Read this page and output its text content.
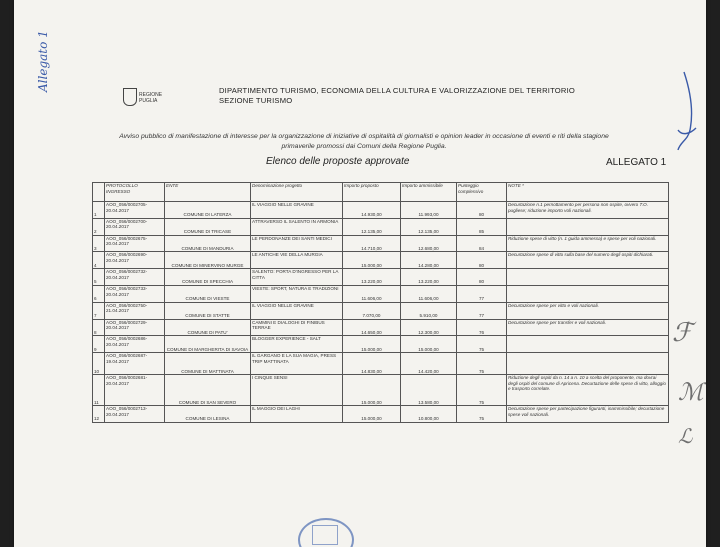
Allegato 1
REGIONE PUGLIA
DIPARTIMENTO TURISMO, ECONOMIA DELLA CULTURA E VALORIZZAZIONE DEL TERRITORIO
SEZIONE TURISMO
Avviso pubblico di manifestazione di interesse per la organizzazione di iniziative di ospitalità di giornalisti e opinion leader in occasione di eventi e riti della stagione
primaverile promossi dai Comuni della Regione Puglia.
Elenco delle proposte approvate	ALLEGATO 1
	PROTOCOLLO INGRESSO	ENTE	Denominazione progetto	Importo proposto	Importo ammissibile	Punteggio complessivo	NOTE *
1	AOO_056/0002705-
20.04.2017	COMUNE DI LATERZA	IL VIAGGIO NELLE GRAVINE	14.930,00	11.993,00	80	Decurtazione n.1 pernottamento per persona non ospite, ovvero T.O. pugliese; riduzione importo voli nazionali.
2	AOO_056/0002700-
20.04.2017	COMUNE DI TRICASE	ATTRAVERSO IL SALENTO IN ARMONIA	12.135,00	12.135,00	85	
3	AOO_056/0002675-
20.04.2017	COMUNE DI MANDURIA	LE PERDONANZE DEI SANTI MEDICI	14.710,00	12.680,00	84	Riduzione spese di vitto (n. 1 guida ammessa) e spese per voli nazionali.
4	AOO_056/0002690-
20.04.2017	COMUNE DI MINERVINO MURGE	LE ANTICHE VIE DELLA MURGIA	15.000,00	14.280,00	80	Decurtazione spese di vitto sulla base del numero degli ospiti dichiarati.
5	AOO_056/0002732-
20.04.2017	COMUNE DI SPECCHIA	SALENTO: PORTA D'INGRESSO PER LA CITTA	13.220,00	13.220,00	80	
6	AOO_056/0002733-
20.04.2017	COMUNE DI VIESTE	VIESTE: SPORT, NATURA E TRADIZIONI	11.606,00	11.606,00	77	
7	AOO_056/0002750-
21.04.2017	COMUNE DI STATTE	IL VIAGGIO NELLE GRAVINE	7.070,00	5.910,00	77	Decurtazione spese per vitto e voli nazionali.
8	AOO_056/0002729-
20.04.2017	COMUNE DI PATU'	CAMMINI E DIALOGHI DI FINIBUS TERRAE	14.650,00	12.300,00	76	Decurtazione spese per transfer e voli nazionali.
9	AOO_056/0002686-
20.04.2017	COMUNE DI MARGHERITA DI SAVOIA	BLOGGER EXPERIENCE - SALT	15.000,00	15.000,00	75	
10	AOO_056/0002687-
19.04.2017	COMUNE DI MATTINATA	IL GARGANO E LA SUA MAGIA, PRESS TRIP MATTINATA	14.830,00	14.420,00	75	
11	AOO_056/0002681-
20.04.2017	COMUNE DI SAN SEVERO	I CINQUE SENSI	15.000,00	13.580,00	75	Riduzione degli ospiti da n. 14 a n. 10 a scelta del proponente, ma dovrai degli ospiti del comune di Apricena. Decurtazione delle spese di vitto, alloggio e trasporto correlate.
12	AOO_056/0002713-
20.04.2017	COMUNE DI LESINA	IL MAGGIO DEI LAGHI	15.000,00	10.800,00	75	Decurtazione spese per partecipazione figuranti, inammissibile; decurtazione spese voli nazionali.
ℱ
ℳ
ℒ
